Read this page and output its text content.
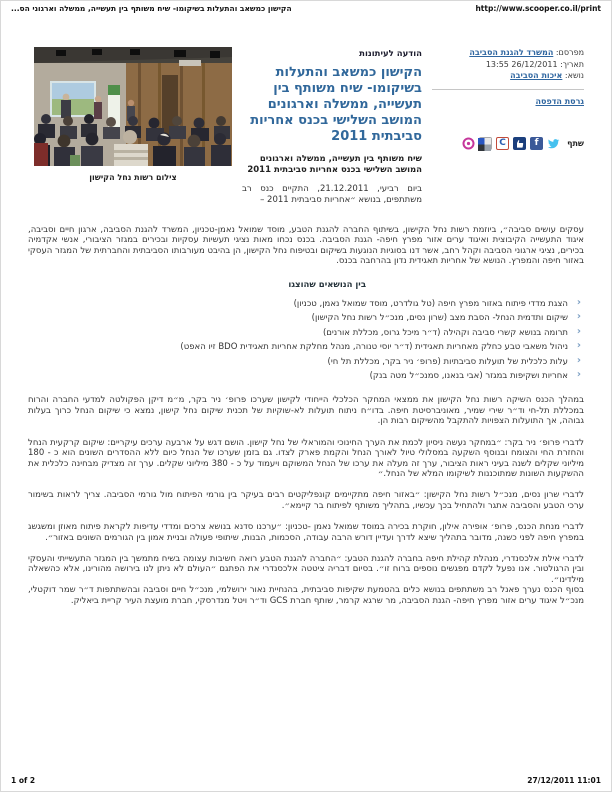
הקישון כמשאב והתעלות בשיקומו- שיח משותף בין תעשייה, ממשלה וארגוני הס...	http://www.scooper.co.il/print
מפרסם: המשרד להגנת הסביבה
תאריך: 13:55 26/12/2011
נושא: איכות הסביבה
גרסת הדפסה
שתף
f
C
הודעה לעיתונות
הקישון כמשאב והתעלות
בשיקומו- שיח משותף בין
תעשייה, ממשלה וארגונים
המושב השלישי בכנס אחריות
סביבתית 2011
שיח משותף בין תעשייה, ממשלה וארגונים המושב השלישי בכנס אחריות סביבתית 2011
ביום רביעי, 21.12.2011, התקיים כנס רב משתתפים, בנושא ״אחריות סביבתית 2011 –
צילום רשות נחל הקישון

עסקים עושים סביבה״, ביוזמת רשות נחל הקישון, בשיתוף החברה להגנת הטבע, מוסד שמואל נאמן-טכניון, המשרד להגנת הסביבה, ארגון חיים וסביבה, איגוד התעשייה הקיבוצית ואיגוד ערים אזור מפרץ חיפה- הגנת הסביבה. בכנס נכחו מאות נציגי תעשיות עסקיות ובכירים במגזר הציבורי, אנשי אקדמיה בכירים, נציגי ארגוני הסביבה וקהל רחב, אשר דנו בסוגיות הנוגעות בשיקום ובטיפוח נחל הקישון, הן בהיבט מעורבותו הסביבתית והחברתית של המגזר העסקי באזור חיפה והמפרץ. הנושא של אחריות תאגידית נדון בהרחבה בכנס.

בין הנושאים שהוצגו
‹
הצגת מדדי פיתוח באזור מפרץ חיפה (טל גולדרט, מוסד שמואל נאמן, טכניון)
‹
שיקום ותדמית הנחל- הסבת מצב (שרון נסים, מנכ״ל רשות נחל הקישון)
‹
תרומה בנושא קשרי סביבה וקהילה (ד״ר מיכל גרוס, מכללת אורנים)
‹
ניהול משאבי טבע כחלק מאחריות תאגידית (ד״ר יוסי טנורה, מנהל מחלקת אחריות תאגידית BDO זיו האפט)
‹
עלות כלכלית של תועלות סביבתיות (פרופ׳ ניר בקר, מכללת תל חי)
‹
אחריות ושקיפות במגזר (אבי בנאנו, סמנכ״ל מטה בנק)

במהלך הכנס השיקה רשות נחל הקישון את ממצאי המחקר הכלכלי הייחודי לקישון שערכו פרופ׳ ניר בקר, מ״מ דיקן הפקולטה למדעי החברה והרוח במכללת תל-חי וד״ר שירי שמיר, מאוניברסיטת חיפה. בדו״ח ניתוח תועלות לא-שוקיות של תכנית שיקום נחל קישון, נמצא כי שיקום הנחל כרוך בעלות גבוהה, אך התועלות הצפויות להתקבל מהשיקום רבות הן.

לדברי פרופ׳ ניר בקר: ״במחקר נעשה ניסיון לכמת את הערך החינוכי והמוראלי של נחל קישון. הושם דגש על ארבעה ערכים עיקריים: שיקום קרקעית הנחל והחזרת החי והצומח ובנוסף השקעה במסלולי טיול לאורך הנחל והקמת פארק לצדו. גם בזמן שערכו של הנחל כיום ללא ההסדרים השונים הוא כ - 180 מיליוני שקלים לשנה בעיני ראות הציבור, ערך זה מעלה את ערכו של הנחל המשוקם ויעמוד על כ - 380 מיליוני שקלים. ערך זה מצדיק מבחינה כלכלית את ההשקעות השונות שמתוכננות לשיקומו המלא של הנחל.״

לדברי שרון נסים, מנכ״ל רשות נחל הקישון: ״באזור חיפה מתקיימים קונפליקטים רבים בעיקר בין גורמי הפיתוח מול גורמי הסביבה. צריך לראות בשימור ערכי הטבע והסביבה אתגר ולהתחיל בכך עכשיו, בתהליך משותף לפיתוח בר קיימא״.

לדברי מנחת הכנס, פרופ׳ אופירה אילון, חוקרת בכירה במוסד שמואל נאמן -טכניון: ״ערכנו סדנא בנושא צרכים ומדדי עדיפות לקראת פיתוח מאוזן ומשגשג במפרץ חיפה לפני כשנה, מדובר בתהליך שיצא לדרך ועדיין דורש הרבה עבודה, הסכמות, הבנות, שיתופי פעולה ובניית אמון בין הגורמים השונים באזור״.

לדברי אילת אלכסנדרי, מנהלת קהילת חיפה בחברה להגנת הטבע: ״החברה להגנת הטבע רואה חשיבות עצומה בשיח מתמשך בין המגזר התעשייתי והעסקי ובין הרגולטור. אנו נפעל לקדם מפגשים נוספים ברוח זו״. בסיום דבריה ציטטה אלכסנדרי את הפתגם ״העולם לא ניתן לנו בירושה מהורינו, אלא כהשאלה מילדינו״.

בסוף הכנס נערך פאנל רב משתתפים בנושא כלים בהטמעת שקיפות סביבתית, בהנחיית נאור ירושלמי, מנכ״ל חיים וסביבה ובהשתתפות ד״ר שמר דוקטלי, מנכ״ל איגוד ערים אזור מפרץ חיפה- הגנת הסביבה, מר שרגא קרמר, שותף חברת GCS וד״ר ויטל מנדרסקי, חברת מועצת העיר קריית ביאליק.

1 of 2	27/12/2011 11:01
